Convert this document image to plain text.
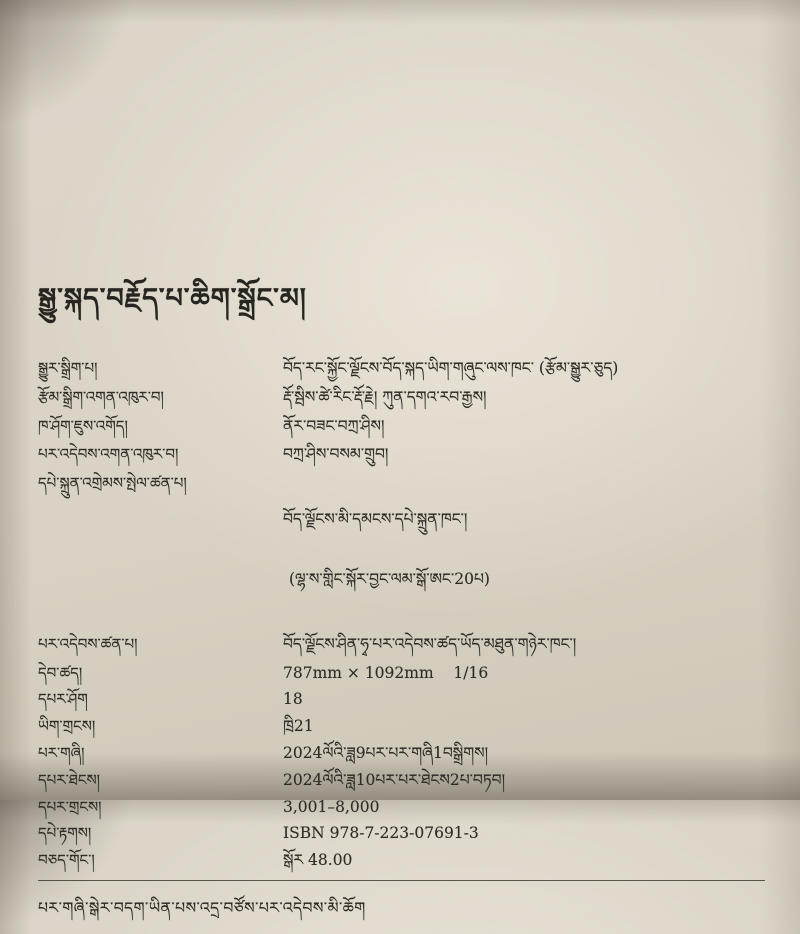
སྒྱུ་སྐད་བརྗོད་པ་ཆིག་སྒྲོང་མ།
སྒྱུར་སྒྲིག་པ།	བོད་རང་སྐྱོང་ལྗོངས་བོད་སྐད་ཡིག་གཞུང་ལས་ཁང་ (རྩོམ་སྒྱུར་ཅུད)
རྩོམ་སྒྲིག་འགན་འཁུར་བ།	རྡོ་སྦིས་ཚེ་རིང་རྡོ་རྗེ། ཀུན་དགའ་རབ་རྒྱས།
ཁ་ཤོག་ཇུས་འགོད།	ནོར་བཟང་བཀྲ་ཤིས།
པར་འདེབས་འགན་འཁུར་བ།	བཀྲ་ཤིས་བསམ་གྲུབ།
དཔེ་སྐྲུན་འགྲེམས་སྤེལ་ཚན་པ།

བོད་ལྗོངས་མི་དམངས་དཔེ་སྐྲུན་ཁང་།

(ལྷ་ས་གླིང་སྐོར་བྱང་ལམ་སྒོ་ཨང་20པ)

པར་འདེབས་ཚན་པ།	བོད་ལྗོངས་ཤིན་ཧྭ་པར་འདེབས་ཚད་ཡོད་མཐུན་གཉེར་ཁང་།
དེབ་ཚད།	787mm × 1092mm    1/16
དཔར་ཤོག	18
ཡིག་གྲངས།	ཁྲི21
པར་གཞི།	2024ལོའི་ཟླ9པར་པར་གཞི1བསྒྲིགས།
དཔར་ཐེངས།	2024ལོའི་ཟླ10པར་པར་ཐེངས2པ་བཏབ།
དཔར་གྲངས།	3,001–8,000
དཔེ་རྟགས།	ISBN 978-7-223-07691-3
བཅད་གོང་།	སྒོར 48.00
པར་གཞི་སྒེར་བདག་ཡིན་པས་འདྲ་བཙོས་པར་འདེབས་མི་ཆོག
